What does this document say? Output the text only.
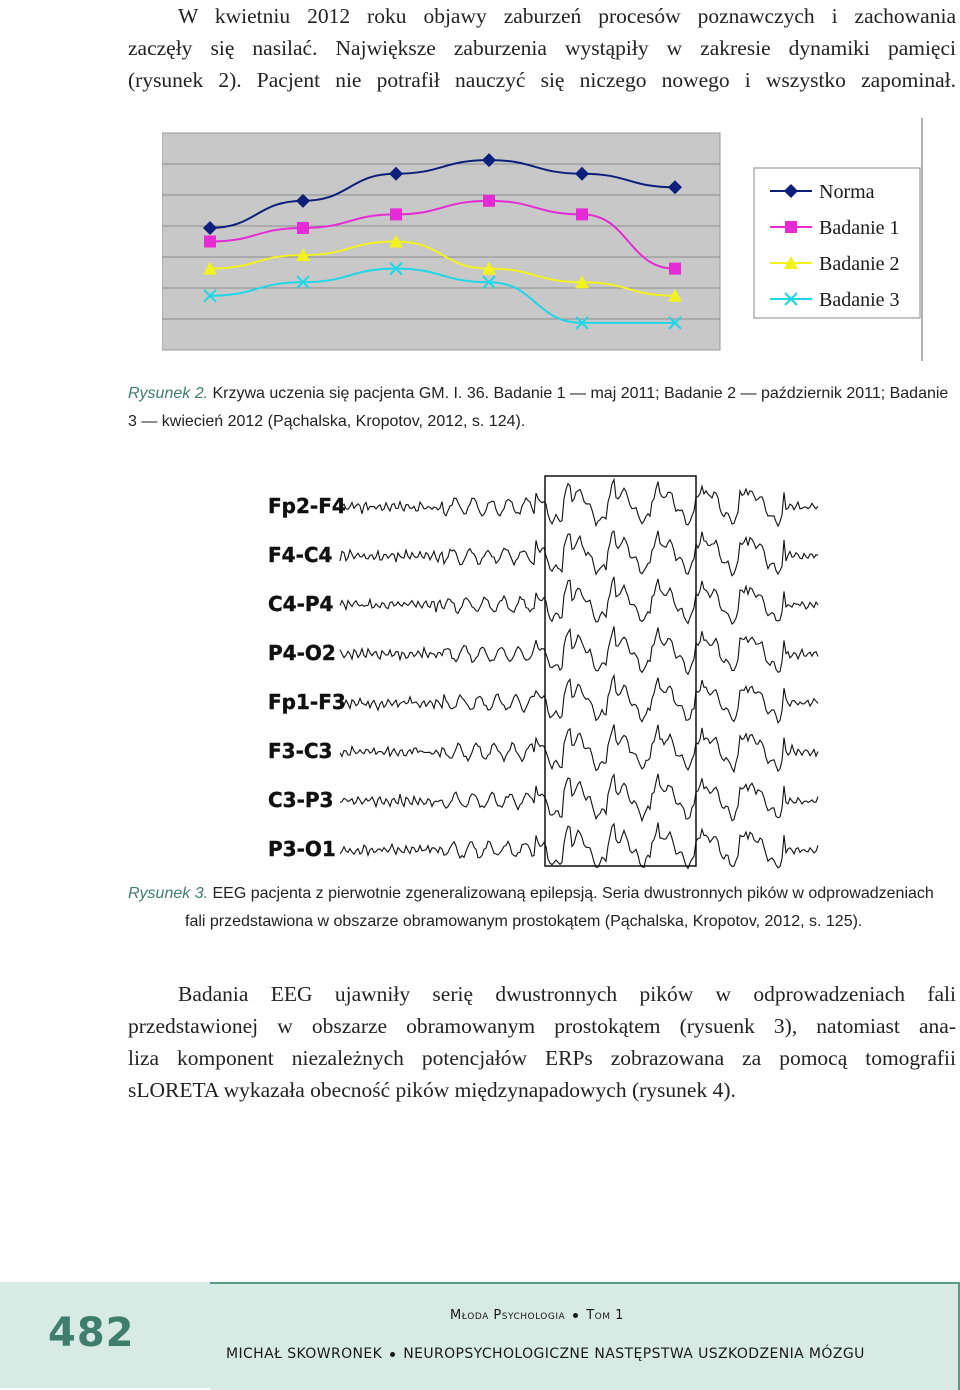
W kwietniu 2012 roku objawy zaburzeń procesów poznawczych i zachowania
zaczęły się nasilać. Największe zaburzenia wystąpiły w zakresie dynamiki pamięci
(rysunek 2). Pacjent nie potrafił nauczyć się niczego nowego i wszystko zapominał.
Norma
Badanie 1
Badanie 2
Badanie 3
Rysunek 2. Krzywa uczenia się pacjenta GM. I. 36. Badanie 1 — maj 2011; Badanie 2 — październik 2011; Badanie
3 — kwiecień 2012 (Pąchalska, Kropotov, 2012, s. 124).
Fp2-F4
F4-C4
C4-P4
P4-O2
Fp1-F3
F3-C3
C3-P3
P3-O1
Rysunek 3. EEG pacjenta z pierwotnie zgeneralizowaną epilepsją. Seria dwustronnych pików w odprowadzeniach
fali przedstawiona w obszarze obramowanym prostokątem (Pąchalska, Kropotov, 2012, s. 125).
Badania EEG ujawniły serię dwustronnych pików w odprowadzeniach fali
przedstawionej w obszarze obramowanym prostokątem (rysuenk 3), natomiast ana-
liza komponent niezależnych potencjałów ERPs zobrazowana za pomocą tomografii
sLORETA wykazała obecność pików międzynapadowych (rysunek 4).
482	Młoda Psychologia Tom 1
MICHAŁ SKOWRONEK NEUROPSYCHOLOGICZNE NASTĘPSTWA USZKODZENIA MÓZGU
